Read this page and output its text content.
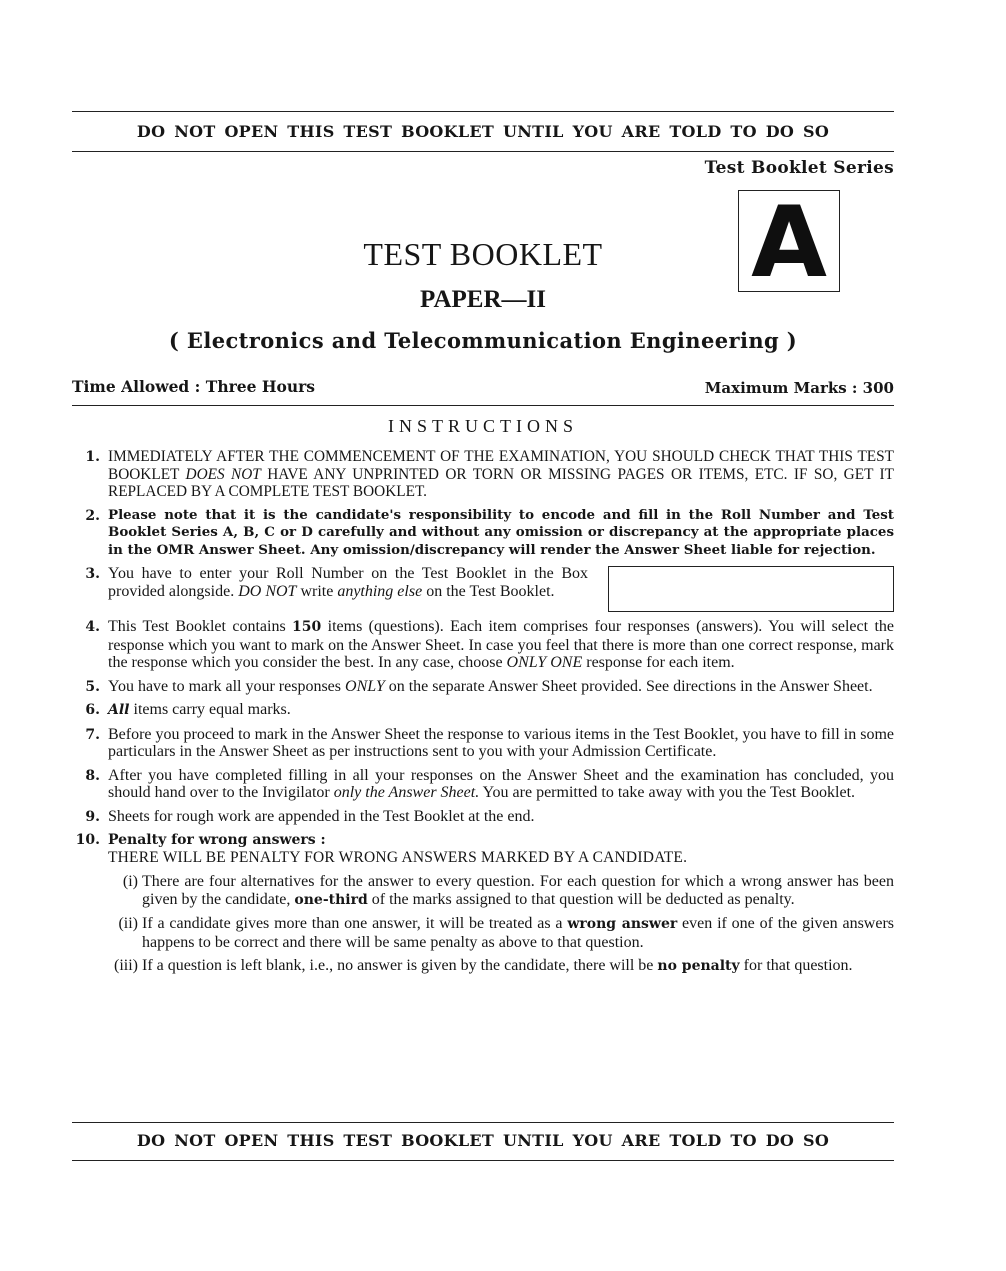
DO NOT OPEN THIS TEST BOOKLET UNTIL YOU ARE TOLD TO DO SO
Test Booklet Series
A
TEST BOOKLET
PAPER—II
( Electronics and Telecommunication Engineering )
Time Allowed : Three Hours	Maximum Marks : 300
INSTRUCTIONS
1. IMMEDIATELY AFTER THE COMMENCEMENT OF THE EXAMINATION, YOU SHOULD CHECK THAT THIS TEST BOOKLET DOES NOT HAVE ANY UNPRINTED OR TORN OR MISSING PAGES OR ITEMS, ETC. IF SO, GET IT REPLACED BY A COMPLETE TEST BOOKLET.
2. Please note that it is the candidate's responsibility to encode and fill in the Roll Number and Test Booklet Series A, B, C or D carefully and without any omission or discrepancy at the appropriate places in the OMR Answer Sheet. Any omission/discrepancy will render the Answer Sheet liable for rejection.
3. You have to enter your Roll Number on the Test Booklet in the Box provided alongside. DO NOT write anything else on the Test Booklet.
4. This Test Booklet contains 150 items (questions). Each item comprises four responses (answers). You will select the response which you want to mark on the Answer Sheet. In case you feel that there is more than one correct response, mark the response which you consider the best. In any case, choose ONLY ONE response for each item.
5. You have to mark all your responses ONLY on the separate Answer Sheet provided. See directions in the Answer Sheet.
6. All items carry equal marks.
7. Before you proceed to mark in the Answer Sheet the response to various items in the Test Booklet, you have to fill in some particulars in the Answer Sheet as per instructions sent to you with your Admission Certificate.
8. After you have completed filling in all your responses on the Answer Sheet and the examination has concluded, you should hand over to the Invigilator only the Answer Sheet. You are permitted to take away with you the Test Booklet.
9. Sheets for rough work are appended in the Test Booklet at the end.
10. Penalty for wrong answers :
THERE WILL BE PENALTY FOR WRONG ANSWERS MARKED BY A CANDIDATE.
(i) There are four alternatives for the answer to every question. For each question for which a wrong answer has been given by the candidate, one-third of the marks assigned to that question will be deducted as penalty.
(ii) If a candidate gives more than one answer, it will be treated as a wrong answer even if one of the given answers happens to be correct and there will be same penalty as above to that question.
(iii) If a question is left blank, i.e., no answer is given by the candidate, there will be no penalty for that question.
DO NOT OPEN THIS TEST BOOKLET UNTIL YOU ARE TOLD TO DO SO
